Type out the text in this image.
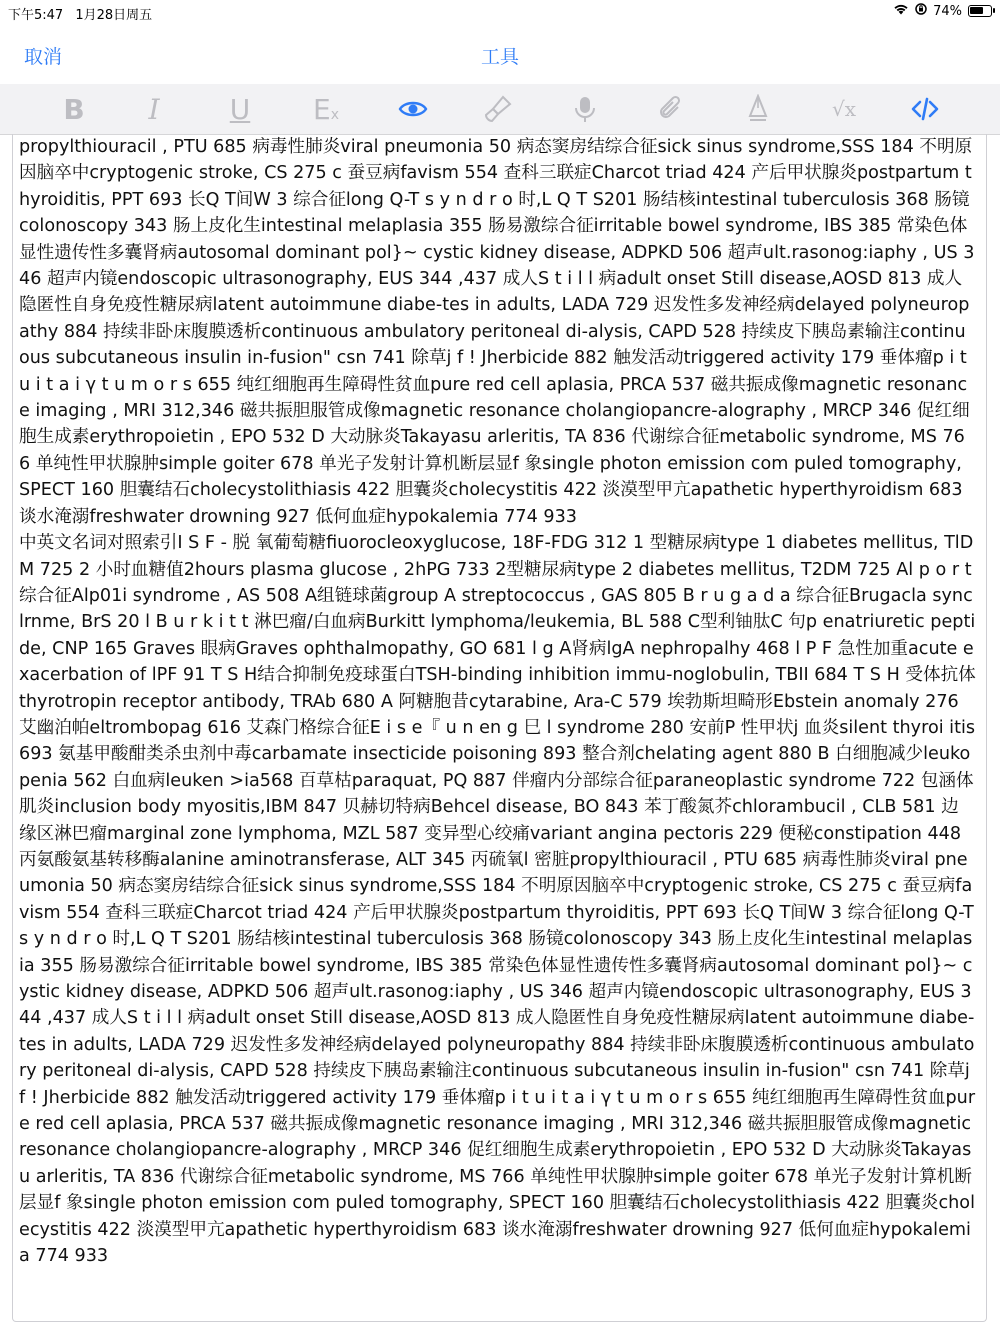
下午5:47 1月28日周五	74%
取消	工具
B	I	U	E x	√x
propylthiouracil , PTU 685 病毒性肺炎viral pneumonia 50 病态窦房结综合征sick sinus syndrome,SSS 184 不明原因脑卒中cryptogenic stroke, CS 275 c 蚕豆病favism 554 查科三联症Charcot triad 424 产后甲状腺炎postpartum thyroiditis, PPT 693 长Q T间W 3 综合征long Q-T s y n d r o 时,L Q T S201 肠结核intestinal tuberculosis 368 肠镜colonoscopy 343 肠上皮化生intestinal melaplasia 355 肠易激综合征irritable bowel syndrome, IBS 385 常染色体显性遗传性多囊肾病autosomal dominant pol}~ cystic kidney disease, ADPKD 506 超声ult.rasonog:iaphy , US 346 超声内镜endoscopic ultrasonography, EUS 344 ,437 成人S t i l l 病adult onset Still disease,AOSD 813 成人隐匿性自身免疫性糖尿病latent autoimmune diabe-tes in adults, LADA 729 迟发性多发神经病delayed polyneuropathy 884 持续非卧床腹膜透析continuous ambulatory peritoneal di-alysis, CAPD 528 持续皮下胰岛素输注continuous subcutaneous insulin in-fusion" csn 741 除草j f ! Jherbicide 882 触发活动triggered activity 179 垂体瘤p i t u i t a i γ t u m o r s 655 纯红细胞再生障碍性贫血pure red cell aplasia, PRCA 537 磁共振成像magnetic resonance imaging , MRI 312,346 磁共振胆服管成像magnetic resonance cholangiopancre-alography , MRCP 346 促红细胞生成素erythropoietin , EPO 532 D 大动脉炎Takayasu arleritis, TA 836 代谢综合征metabolic syndrome, MS 766 单纯性甲状腺肿simple goiter 678 单光子发射计算机断层显f 象single photon emission com puled tomography, SPECT 160 胆囊结石cholecystolithiasis 422 胆囊炎cholecystitis 422 淡漠型甲亢apathetic hyperthyroidism 683 谈水淹溺freshwater drowning 927 低何血症hypokalemia 774 933
中英文名词对照索引I S F - 脱 氧葡萄糖fiuorocleoxyglucose, 18F-FDG 312 1 型糖尿病type 1 diabetes mellitus, TlDM 725 2 小时血糖值2hours plasma glucose , 2hPG 733 2型糖尿病type 2 diabetes mellitus, T2DM 725 Al p o r t 综合征Alp01i syndrome , AS 508 A组链球菌group A streptococcus , GAS 805 B r u g a d a 综合征Brugacla synclrnme, BrS 20 l B u r k i t t 淋巴瘤/白血病Burkitt lymphoma/leukemia, BL 588 C型利铀肽C 句p enatriuretic peptide, CNP 165 Graves 眼病Graves ophthalmopathy, GO 681 l g A肾病lgA nephropalhy 468 l P F 急性加重acute exacerbation of lPF 91 T S H结合抑制免疫球蛋白TSH-binding inhibition immu-noglobulin, TBII 684 T S H 受体抗体thyrotropin receptor antibody, TRAb 680 A 阿糖胞昔cytarabine, Ara-C 579 埃勃斯坦畸形Ebstein anomaly 276 艾幽泊帕eltrombopag 616 艾森门格综合征E i s e『 u n en g 巳 l syndrome 280 安前P 性甲状j 血炎silent thyroi itis 693 氨基甲酸酣类杀虫剂中毒carbamate insecticide poisoning 893 整合剂chelating agent 880 B 白细胞减少leukopenia 562 白血病leuken >ia568 百草枯paraquat, PQ 887 伴瘤内分部综合征paraneoplastic syndrome 722 包涵体肌炎inclusion body myositis,IBM 847 贝赫切特病Behcel disease, BO 843 苯丁酸氮芥chlorambucil , CLB 581 边缘区淋巴瘤marginal zone lymphoma, MZL 587 变异型心绞痛variant angina pectoris 229 便秘constipation 448 丙氨酸氨基转移酶alanine aminotransferase, ALT 345 丙硫氧l 密脏propylthiouracil , PTU 685 病毒性肺炎viral pneumonia 50 病态窦房结综合征sick sinus syndrome,SSS 184 不明原因脑卒中cryptogenic stroke, CS 275 c 蚕豆病favism 554 查科三联症Charcot triad 424 产后甲状腺炎postpartum thyroiditis, PPT 693 长Q T间W 3 综合征long Q-T s y n d r o 时,L Q T S201 肠结核intestinal tuberculosis 368 肠镜colonoscopy 343 肠上皮化生intestinal melaplasia 355 肠易激综合征irritable bowel syndrome, IBS 385 常染色体显性遗传性多囊肾病autosomal dominant pol}~ cystic kidney disease, ADPKD 506 超声ult.rasonog:iaphy , US 346 超声内镜endoscopic ultrasonography, EUS 344 ,437 成人S t i l l 病adult onset Still disease,AOSD 813 成人隐匿性自身免疫性糖尿病latent autoimmune diabe-tes in adults, LADA 729 迟发性多发神经病delayed polyneuropathy 884 持续非卧床腹膜透析continuous ambulatory peritoneal di-alysis, CAPD 528 持续皮下胰岛素输注continuous subcutaneous insulin in-fusion" csn 741 除草j f ! Jherbicide 882 触发活动triggered activity 179 垂体瘤p i t u i t a i γ t u m o r s 655 纯红细胞再生障碍性贫血pure red cell aplasia, PRCA 537 磁共振成像magnetic resonance imaging , MRI 312,346 磁共振胆服管成像magnetic resonance cholangiopancre-alography , MRCP 346 促红细胞生成素erythropoietin , EPO 532 D 大动脉炎Takayasu arleritis, TA 836 代谢综合征metabolic syndrome, MS 766 单纯性甲状腺肿simple goiter 678 单光子发射计算机断层显f 象single photon emission com puled tomography, SPECT 160 胆囊结石cholecystolithiasis 422 胆囊炎cholecystitis 422 淡漠型甲亢apathetic hyperthyroidism 683 谈水淹溺freshwater drowning 927 低何血症hypokalemia 774 933
